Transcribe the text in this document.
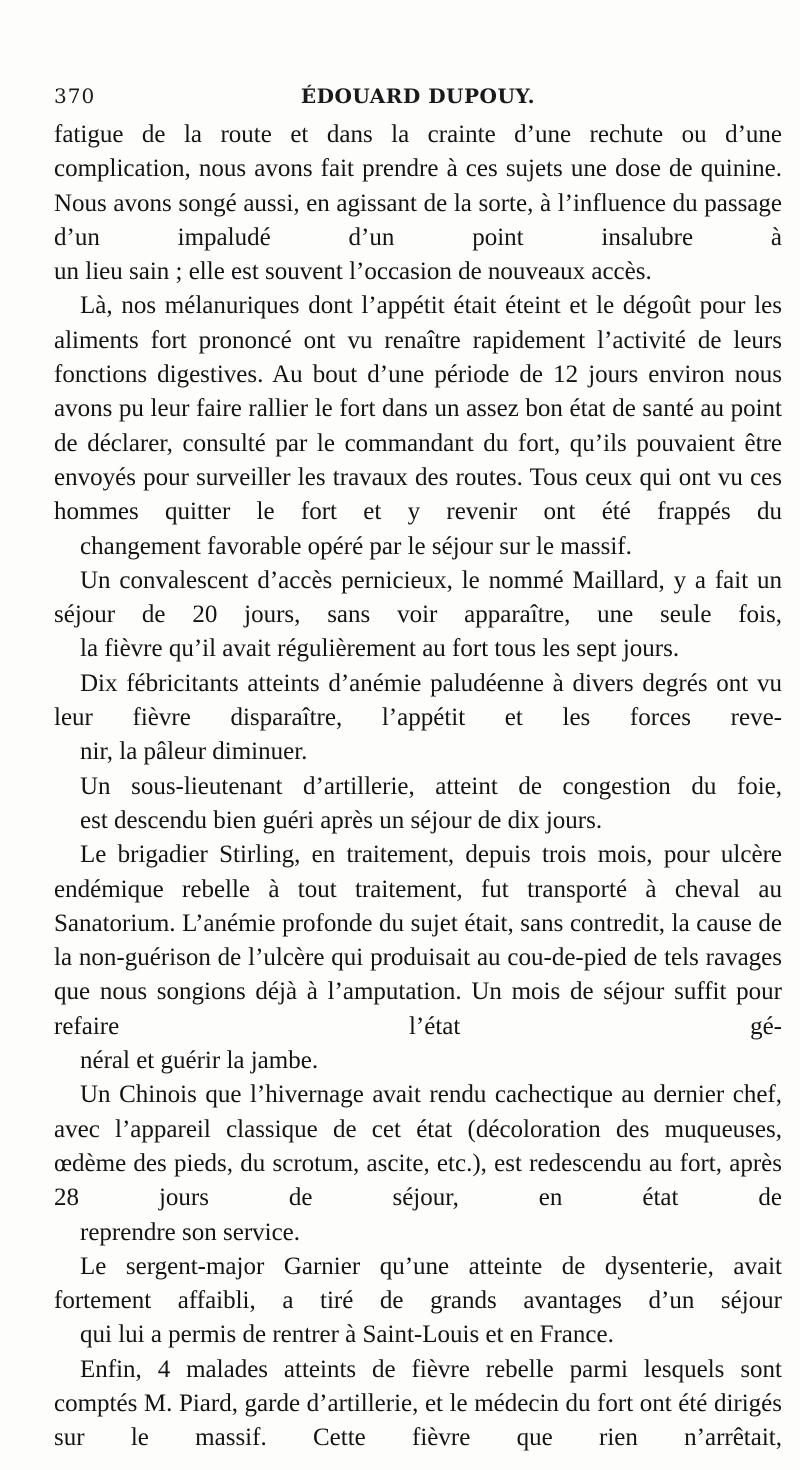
370	ÉDOUARD DUPOUY.
fatigue de la route et dans la crainte d’une rechute ou d’une complication, nous avons fait prendre à ces sujets une dose de quinine. Nous avons songé aussi, en agissant de la sorte, à l’influence du passage d’un impaludé d’un point insalubre à
un lieu sain ; elle est souvent l’occasion de nouveaux accès.
Là, nos mélanuriques dont l’appétit était éteint et le dégoût pour les aliments fort prononcé ont vu renaître rapidement l’activité de leurs fonctions digestives. Au bout d’une période de 12 jours environ nous avons pu leur faire rallier le fort dans un assez bon état de santé au point de déclarer, consulté par le commandant du fort, qu’ils pouvaient être envoyés pour surveiller les travaux des routes. Tous ceux qui ont vu ces hommes quitter le fort et y revenir ont été frappés du
changement favorable opéré par le séjour sur le massif.
Un convalescent d’accès pernicieux, le nommé Maillard, y a fait un séjour de 20 jours, sans voir apparaître, une seule fois,
la fièvre qu’il avait régulièrement au fort tous les sept jours.
Dix fébricitants atteints d’anémie paludéenne à divers degrés ont vu leur fièvre disparaître, l’appétit et les forces reve-
nir, la pâleur diminuer.
Un sous-lieutenant d’artillerie, atteint de congestion du foie,
est descendu bien guéri après un séjour de dix jours.
Le brigadier Stirling, en traitement, depuis trois mois, pour ulcère endémique rebelle à tout traitement, fut transporté à cheval au Sanatorium. L’anémie profonde du sujet était, sans contredit, la cause de la non-guérison de l’ulcère qui produisait au cou-de-pied de tels ravages que nous songions déjà à l’amputation. Un mois de séjour suffit pour refaire l’état gé-
néral et guérir la jambe.
Un Chinois que l’hivernage avait rendu cachectique au dernier chef, avec l’appareil classique de cet état (décoloration des muqueuses, œdème des pieds, du scrotum, ascite, etc.), est redescendu au fort, après 28 jours de séjour, en état de
reprendre son service.
Le sergent-major Garnier qu’une atteinte de dysenterie, avait fortement affaibli, a tiré de grands avantages d’un séjour
qui lui a permis de rentrer à Saint-Louis et en France.
Enfin, 4 malades atteints de fièvre rebelle parmi lesquels sont comptés M. Piard, garde d’artillerie, et le médecin du fort ont été dirigés sur le massif. Cette fièvre que rien n’arrêtait,
